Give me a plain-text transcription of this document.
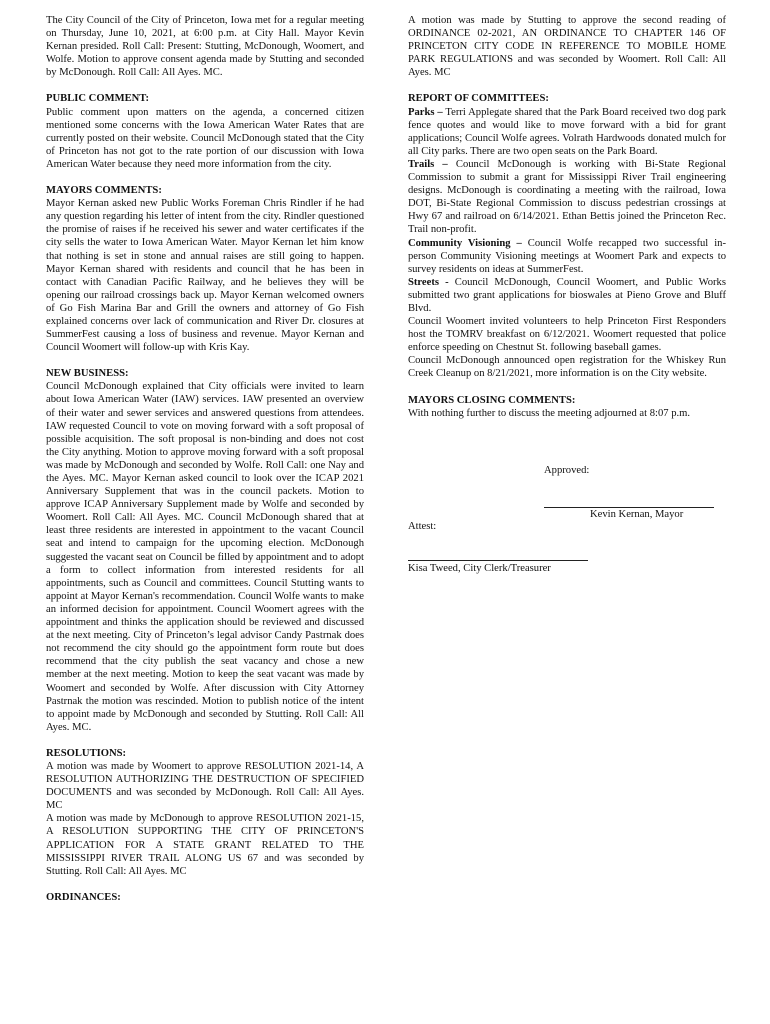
The City Council of the City of Princeton, Iowa met for a regular meeting on Thursday, June 10, 2021, at 6:00 p.m. at City Hall. Mayor Kevin Kernan presided. Roll Call: Present: Stutting, McDonough, Woomert, and Wolfe. Motion to approve consent agenda made by Stutting and seconded by McDonough. Roll Call: All Ayes. MC.

PUBLIC COMMENT:

Public comment upon matters on the agenda, a concerned citizen mentioned some concerns with the Iowa American Water Rates that are currently posted on their website. Council McDonough stated that the City of Princeton has not got to the rate portion of our discussion with Iowa American Water because they need more information from the city.

MAYORS COMMENTS:

Mayor Kernan asked new Public Works Foreman Chris Rindler if he had any question regarding his letter of intent from the city. Rindler questioned the promise of raises if he received his sewer and water certificates if the city sells the water to Iowa American Water. Mayor Kernan let him know that nothing is set in stone and annual raises are still going to happen. Mayor Kernan shared with residents and council that he has been in contact with Canadian Pacific Railway, and he believes they will be opening our railroad crossings back up. Mayor Kernan welcomed owners of Go Fish Marina Bar and Grill the owners and attorney of Go Fish explained concerns over lack of communication and River Dr. closures at SummerFest causing a loss of business and revenue. Mayor Kernan and Council Woomert will follow-up with Kris Kay.

NEW BUSINESS:

Council McDonough explained that City officials were invited to learn about Iowa American Water (IAW) services. IAW presented an overview of their water and sewer services and answered questions from attendees. IAW requested Council to vote on moving forward with a soft proposal of possible acquisition. The soft proposal is non-binding and does not cost the City anything. Motion to approve moving forward with a soft proposal was made by McDonough and seconded by Wolfe. Roll Call: one Nay and the Ayes. MC. Mayor Kernan asked council to look over the ICAP 2021 Anniversary Supplement that was in the council packets. Motion to approve ICAP Anniversary Supplement made by Wolfe and seconded by Woomert. Roll Call: All Ayes. MC. Council McDonough shared that at least three residents are interested in appointment to the vacant Council seat and intend to campaign for the upcoming election. McDonough suggested the vacant seat on Council be filled by appointment and to adopt a form to collect information from interested residents for all appointments, such as Council and committees. Council Stutting wants to appoint at Mayor Kernan's recommendation. Council Wolfe wants to make an informed decision for appointment. Council Woomert agrees with the appointment and thinks the application should be reviewed and discussed at the next meeting. City of Princeton’s legal advisor Candy Pastrnak does not recommend the city should go the appointment form route but does recommend that the city publish the seat vacancy and chose a new member at the next meeting. Motion to keep the seat vacant was made by Woomert and seconded by Wolfe. After discussion with City Attorney Pastrnak the motion was rescinded. Motion to publish notice of the intent to appoint made by McDonough and seconded by Stutting. Roll Call: All Ayes. MC.

RESOLUTIONS:

A motion was made by Woomert to approve RESOLUTION 2021-14, A RESOLUTION AUTHORIZING THE DESTRUCTION OF SPECIFIED DOCUMENTS and was seconded by McDonough. Roll Call: All Ayes. MC

A motion was made by McDonough to approve RESOLUTION 2021-15, A RESOLUTION SUPPORTING THE CITY OF PRINCETON'S APPLICATION FOR A STATE GRANT RELATED TO THE MISSISSIPPI RIVER TRAIL ALONG US 67 and was seconded by Stutting. Roll Call: All Ayes. MC

ORDINANCES:

A motion was made by Stutting to approve the second reading of ORDINANCE 02-2021, AN ORDINANCE TO CHAPTER 146 OF PRINCETON CITY CODE IN REFERENCE TO MOBILE HOME PARK REGULATIONS and was seconded by Woomert. Roll Call: All Ayes. MC

REPORT OF COMMITTEES:

Parks – Terri Applegate shared that the Park Board received two dog park fence quotes and would like to move forward with a bid for grant applications; Council Wolfe agrees. Volrath Hardwoods donated mulch for all City parks. There are two open seats on the Park Board.

Trails – Council McDonough is working with Bi-State Regional Commission to submit a grant for Mississippi River Trail engineering designs. McDonough is coordinating a meeting with the railroad, Iowa DOT, Bi-State Regional Commission to discuss pedestrian crossings at Hwy 67 and railroad on 6/14/2021. Ethan Bettis joined the Princeton Rec. Trail non-profit.

Community Visioning – Council Wolfe recapped two successful in-person Community Visioning meetings at Woomert Park and expects to survey residents on ideas at SummerFest.

Streets - Council McDonough, Council Woomert, and Public Works submitted two grant applications for bioswales at Pieno Grove and Bluff Blvd.

Council Woomert invited volunteers to help Princeton First Responders host the TOMRV breakfast on 6/12/2021. Woomert requested that police enforce speeding on Chestnut St. following baseball games.

Council McDonough announced open registration for the Whiskey Run Creek Cleanup on 8/21/2021, more information is on the City website.

MAYORS CLOSING COMMENTS:

With nothing further to discuss the meeting adjourned at 8:07 p.m.

Approved:
Kevin Kernan, Mayor
Attest:
Kisa Tweed, City Clerk/Treasurer
